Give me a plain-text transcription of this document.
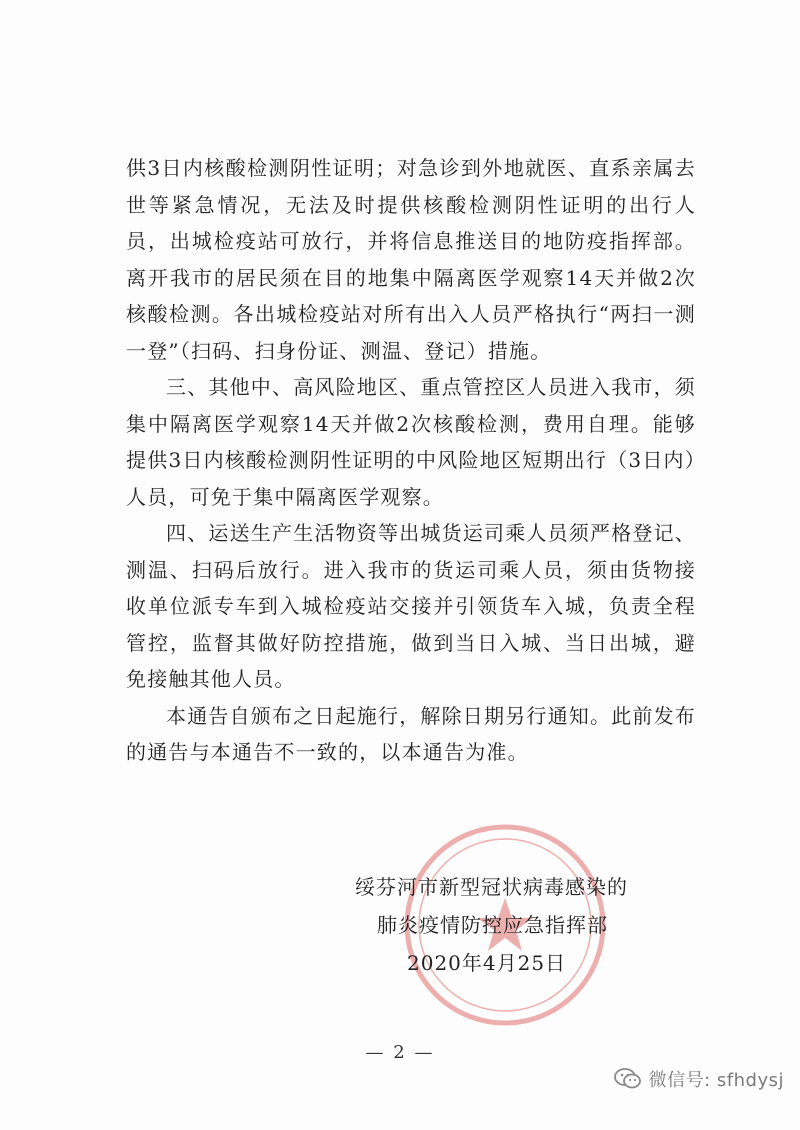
供3日内核酸检测阴性证明；对急诊到外地就医、直系亲属去世等紧急情况，无法及时提供核酸检测阴性证明的出行人员，出城检疫站可放行，并将信息推送目的地防疫指挥部。离开我市的居民须在目的地集中隔离医学观察14天并做2次核酸检测。各出城检疫站对所有出入人员严格执行“两扫一测一登”（扫码、扫身份证、测温、登记）措施。

三、其他中、高风险地区、重点管控区人员进入我市，须集中隔离医学观察14天并做2次核酸检测，费用自理。能够提供3日内核酸检测阴性证明的中风险地区短期出行（3日内）人员，可免于集中隔离医学观察。

四、运送生产生活物资等出城货运司乘人员须严格登记、测温、扫码后放行。进入我市的货运司乘人员，须由货物接收单位派专车到入城检疫站交接并引领货车入城，负责全程管控，监督其做好防控措施，做到当日入城、当日出城，避免接触其他人员。

本通告自颁布之日起施行，解除日期另行通知。此前发布的通告与本通告不一致的，以本通告为准。

绥芬河市新型冠状病毒感染的
肺炎疫情防控应急指挥部
2020年4月25日
— 2 —
微信号: sfhdysj
